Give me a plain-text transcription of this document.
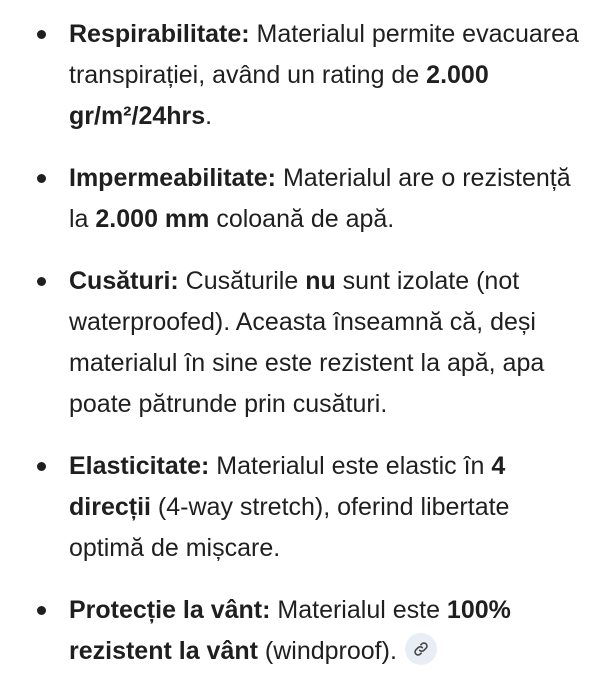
Respirabilitate: Materialul permite evacuarea transpirației, având un rating de 2.000 gr/m²/24hrs.
Impermeabilitate: Materialul are o rezistență la 2.000 mm coloană de apă.
Cusături: Cusăturile nu sunt izolate (not waterproofed). Aceasta înseamnă că, deși materialul în sine este rezistent la apă, apa poate pătrunde prin cusături.
Elasticitate: Materialul este elastic în 4 direcții (4-way stretch), oferind libertate optimă de mișcare.
Protecție la vânt: Materialul este 100% rezistent la vânt (windproof).
